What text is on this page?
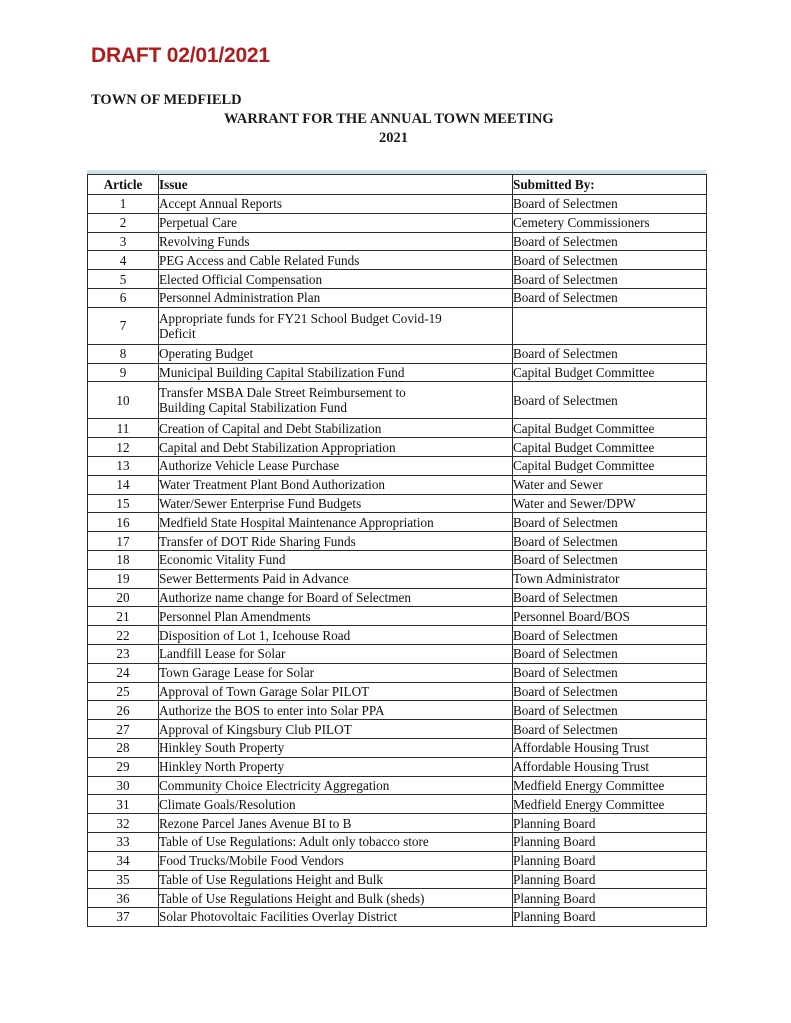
DRAFT 02/01/2021
TOWN OF MEDFIELD
WARRANT FOR THE ANNUAL TOWN MEETING
2021
Article	Issue	Submitted By:
1	Accept Annual Reports	Board of Selectmen
2	Perpetual Care	Cemetery Commissioners
3	Revolving Funds	Board of Selectmen
4	PEG Access and Cable Related Funds	Board of Selectmen
5	Elected Official Compensation	Board of Selectmen
6	Personnel Administration Plan	Board of Selectmen
7	Appropriate funds for FY21 School Budget Covid-19
Deficit	

8	Operating Budget	Board of Selectmen
9	Municipal Building Capital Stabilization Fund	Capital Budget Committee
10	Transfer MSBA Dale Street Reimbursement to
Building Capital Stabilization Fund	Board of Selectmen
11	Creation of Capital and Debt Stabilization	Capital Budget Committee
12	Capital and Debt Stabilization Appropriation	Capital Budget Committee
13	Authorize Vehicle Lease Purchase	Capital Budget Committee
14	Water Treatment Plant Bond Authorization	Water and Sewer
15	Water/Sewer Enterprise Fund Budgets	Water and Sewer/DPW
16	Medfield State Hospital Maintenance Appropriation	Board of Selectmen
17	Transfer of DOT Ride Sharing Funds	Board of Selectmen
18	Economic Vitality Fund	Board of Selectmen
19	Sewer Betterments Paid in Advance	Town Administrator
20	Authorize name change for Board of Selectmen	Board of Selectmen
21	Personnel Plan Amendments	Personnel Board/BOS
22	Disposition of Lot 1, Icehouse Road	Board of Selectmen
23	Landfill Lease for Solar	Board of Selectmen
24	Town Garage Lease for Solar	Board of Selectmen
25	Approval of Town Garage Solar PILOT	Board of Selectmen
26	Authorize the BOS to enter into Solar PPA	Board of Selectmen
27	Approval of Kingsbury Club PILOT	Board of Selectmen
28	Hinkley South Property	Affordable Housing Trust
29	Hinkley North Property	Affordable Housing Trust
30	Community Choice Electricity Aggregation	Medfield Energy Committee
31	Climate Goals/Resolution	Medfield Energy Committee
32	Rezone Parcel Janes Avenue BI to B	Planning Board
33	Table of Use Regulations: Adult only tobacco store	Planning Board
34	Food Trucks/Mobile Food Vendors	Planning Board
35	Table of Use Regulations Height and Bulk	Planning Board
36	Table of Use Regulations Height and Bulk (sheds)	Planning Board
37	Solar Photovoltaic Facilities Overlay District	Planning Board
